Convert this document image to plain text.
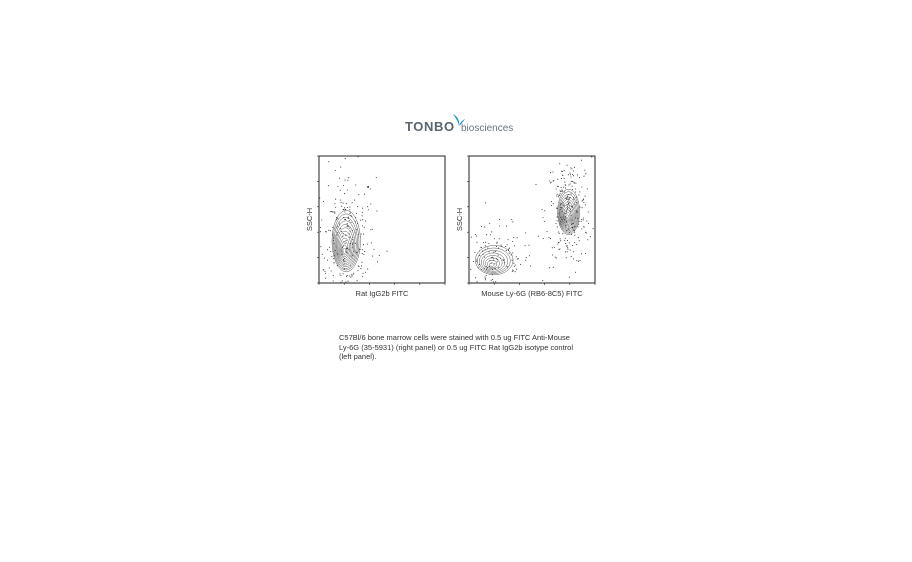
TONBO biosciences
Rat IgG2b FITC
SSC-H
Mouse Ly-6G (RB6-8C5) FITC
SSC-H
C57Bl/6 bone marrow cells were stained with 0.5 ug FITC Anti-Mouse
Ly-6G (35-5931) (right panel) or 0.5 ug FITC Rat IgG2b isotype control
(left panel).
